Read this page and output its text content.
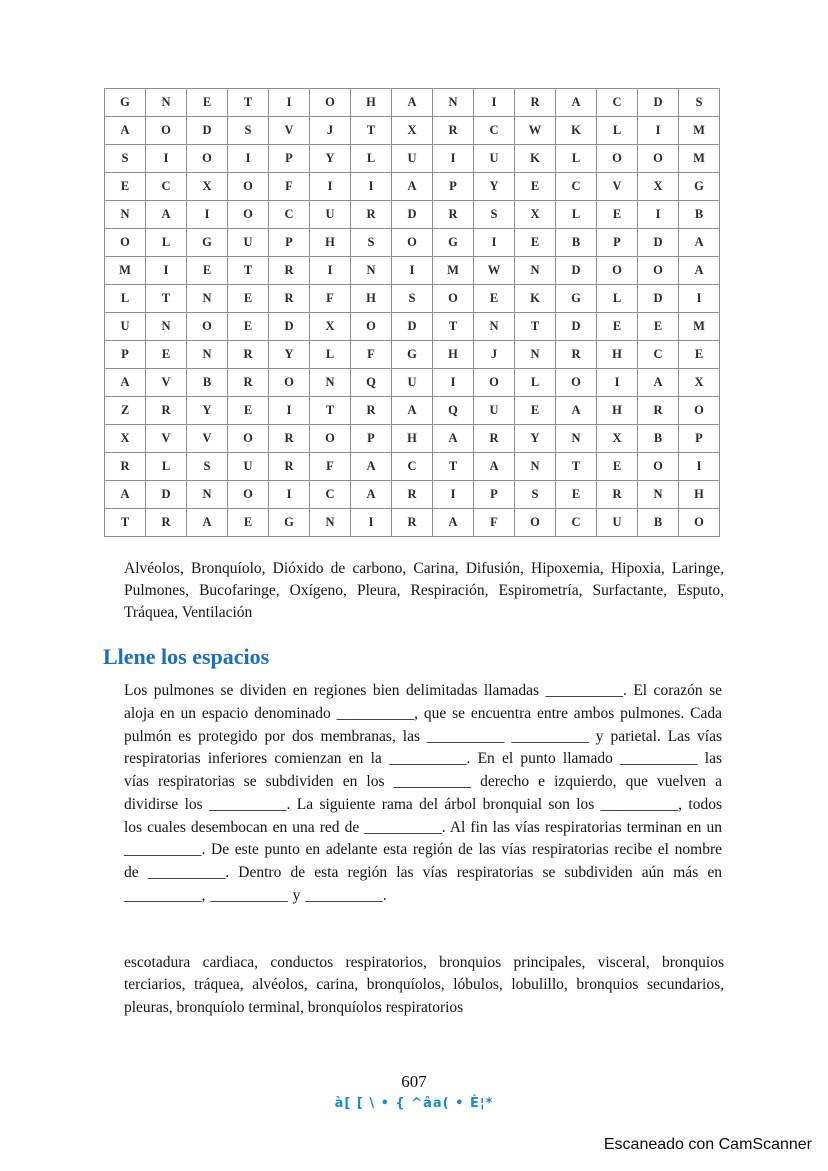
G	N	E	T	I	O	H	A	N	I	R	A	C	D	S
A	O	D	S	V	J	T	X	R	C	W	K	L	I	M
S	I	O	I	P	Y	L	U	I	U	K	L	O	O	M
E	C	X	O	F	I	I	A	P	Y	E	C	V	X	G
N	A	I	O	C	U	R	D	R	S	X	L	E	I	B
O	L	G	U	P	H	S	O	G	I	E	B	P	D	A
M	I	E	T	R	I	N	I	M	W	N	D	O	O	A
L	T	N	E	R	F	H	S	O	E	K	G	L	D	I
U	N	O	E	D	X	O	D	T	N	T	D	E	E	M
P	E	N	R	Y	L	F	G	H	J	N	R	H	C	E
A	V	B	R	O	N	Q	U	I	O	L	O	I	A	X
Z	R	Y	E	I	T	R	A	Q	U	E	A	H	R	O
X	V	V	O	R	O	P	H	A	R	Y	N	X	B	P
R	L	S	U	R	F	A	C	T	A	N	T	E	O	I
A	D	N	O	I	C	A	R	I	P	S	E	R	N	H
T	R	A	E	G	N	I	R	A	F	O	C	U	B	O

Alvéolos, Bronquíolo, Dióxido de carbono, Carina, Difusión, Hipoxemia, Hipoxia, Laringe, Pulmones, Bucofaringe, Oxígeno, Pleura, Respiración, Espirometría, Surfactante, Esputo, Tráquea, Ventilación

Llene los espacios

Los pulmones se dividen en regiones bien delimitadas llamadas __________. El corazón se aloja en un espacio denominado __________, que se encuentra entre ambos pulmones. Cada pulmón es protegido por dos membranas, las __________ __________ y parietal. Las vías respiratorias inferiores comienzan en la __________. En el punto llamado __________ las vías respiratorias se subdividen en los __________ derecho e izquierdo, que vuelven a dividirse los __________. La siguiente rama del árbol bronquial son los __________, todos los cuales desembocan en una red de __________. Al fin las vías respiratorias terminan en un __________. De este punto en adelante esta región de las vías respiratorias recibe el nombre de __________. Dentro de esta región las vías respiratorias se subdividen aún más en __________, __________ y __________.

escotadura cardiaca, conductos respiratorios, bronquios principales, visceral, bronquios terciarios, tráquea, alvéolos, carina, bronquíolos, lóbulos, lobulillo, bronquios secundarios, pleuras, bronquíolo terminal, bronquíolos respiratorios

607
à[ [ \ • { ^âa( • Ė¦*
Escaneado con CamScanner
